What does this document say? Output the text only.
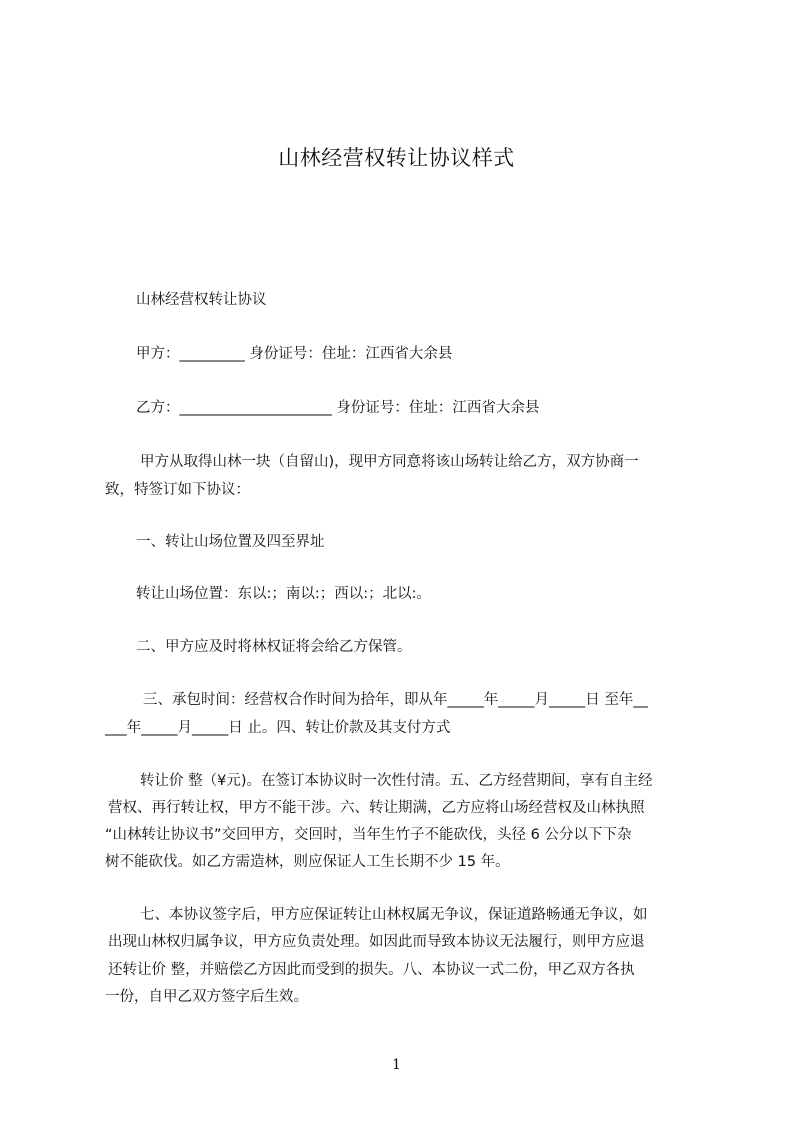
山林经营权转让协议样式
山林经营权转让协议
甲方：_________ 身份证号：住址：江西省大余县
乙方：_____________________ 身份证号：住址：江西省大余县
甲方从取得山林一块（自留山)，现甲方同意将该山场转让给乙方，双方协商一
致，特签订如下协议：
一、转让山场位置及四至界址
转让山场位置：东以:；南以:；西以:；北以:。
二、甲方应及时将林权证将会给乙方保管。
三、承包时间：经营权合作时间为拾年，即从年_____年_____月_____日 至年__
___年_____月_____日 止。四、转让价款及其支付方式
转让价 整（¥元)。在签订本协议时一次性付清。五、乙方经营期间，享有自主经
营权、再行转让权，甲方不能干涉。六、转让期满，乙方应将山场经营权及山林执照
“山林转让协议书”交回甲方，交回时，当年生竹子不能砍伐，头径 6 公分以下下杂
树不能砍伐。如乙方需造林，则应保证人工生长期不少 15 年。
七、本协议签字后，甲方应保证转让山林权属无争议，保证道路畅通无争议，如
出现山林权归属争议，甲方应负责处理。如因此而导致本协议无法履行，则甲方应退
还转让价 整，并赔偿乙方因此而受到的损失。八、本协议一式二份，甲乙双方各执
一份，自甲乙双方签字后生效。
1
